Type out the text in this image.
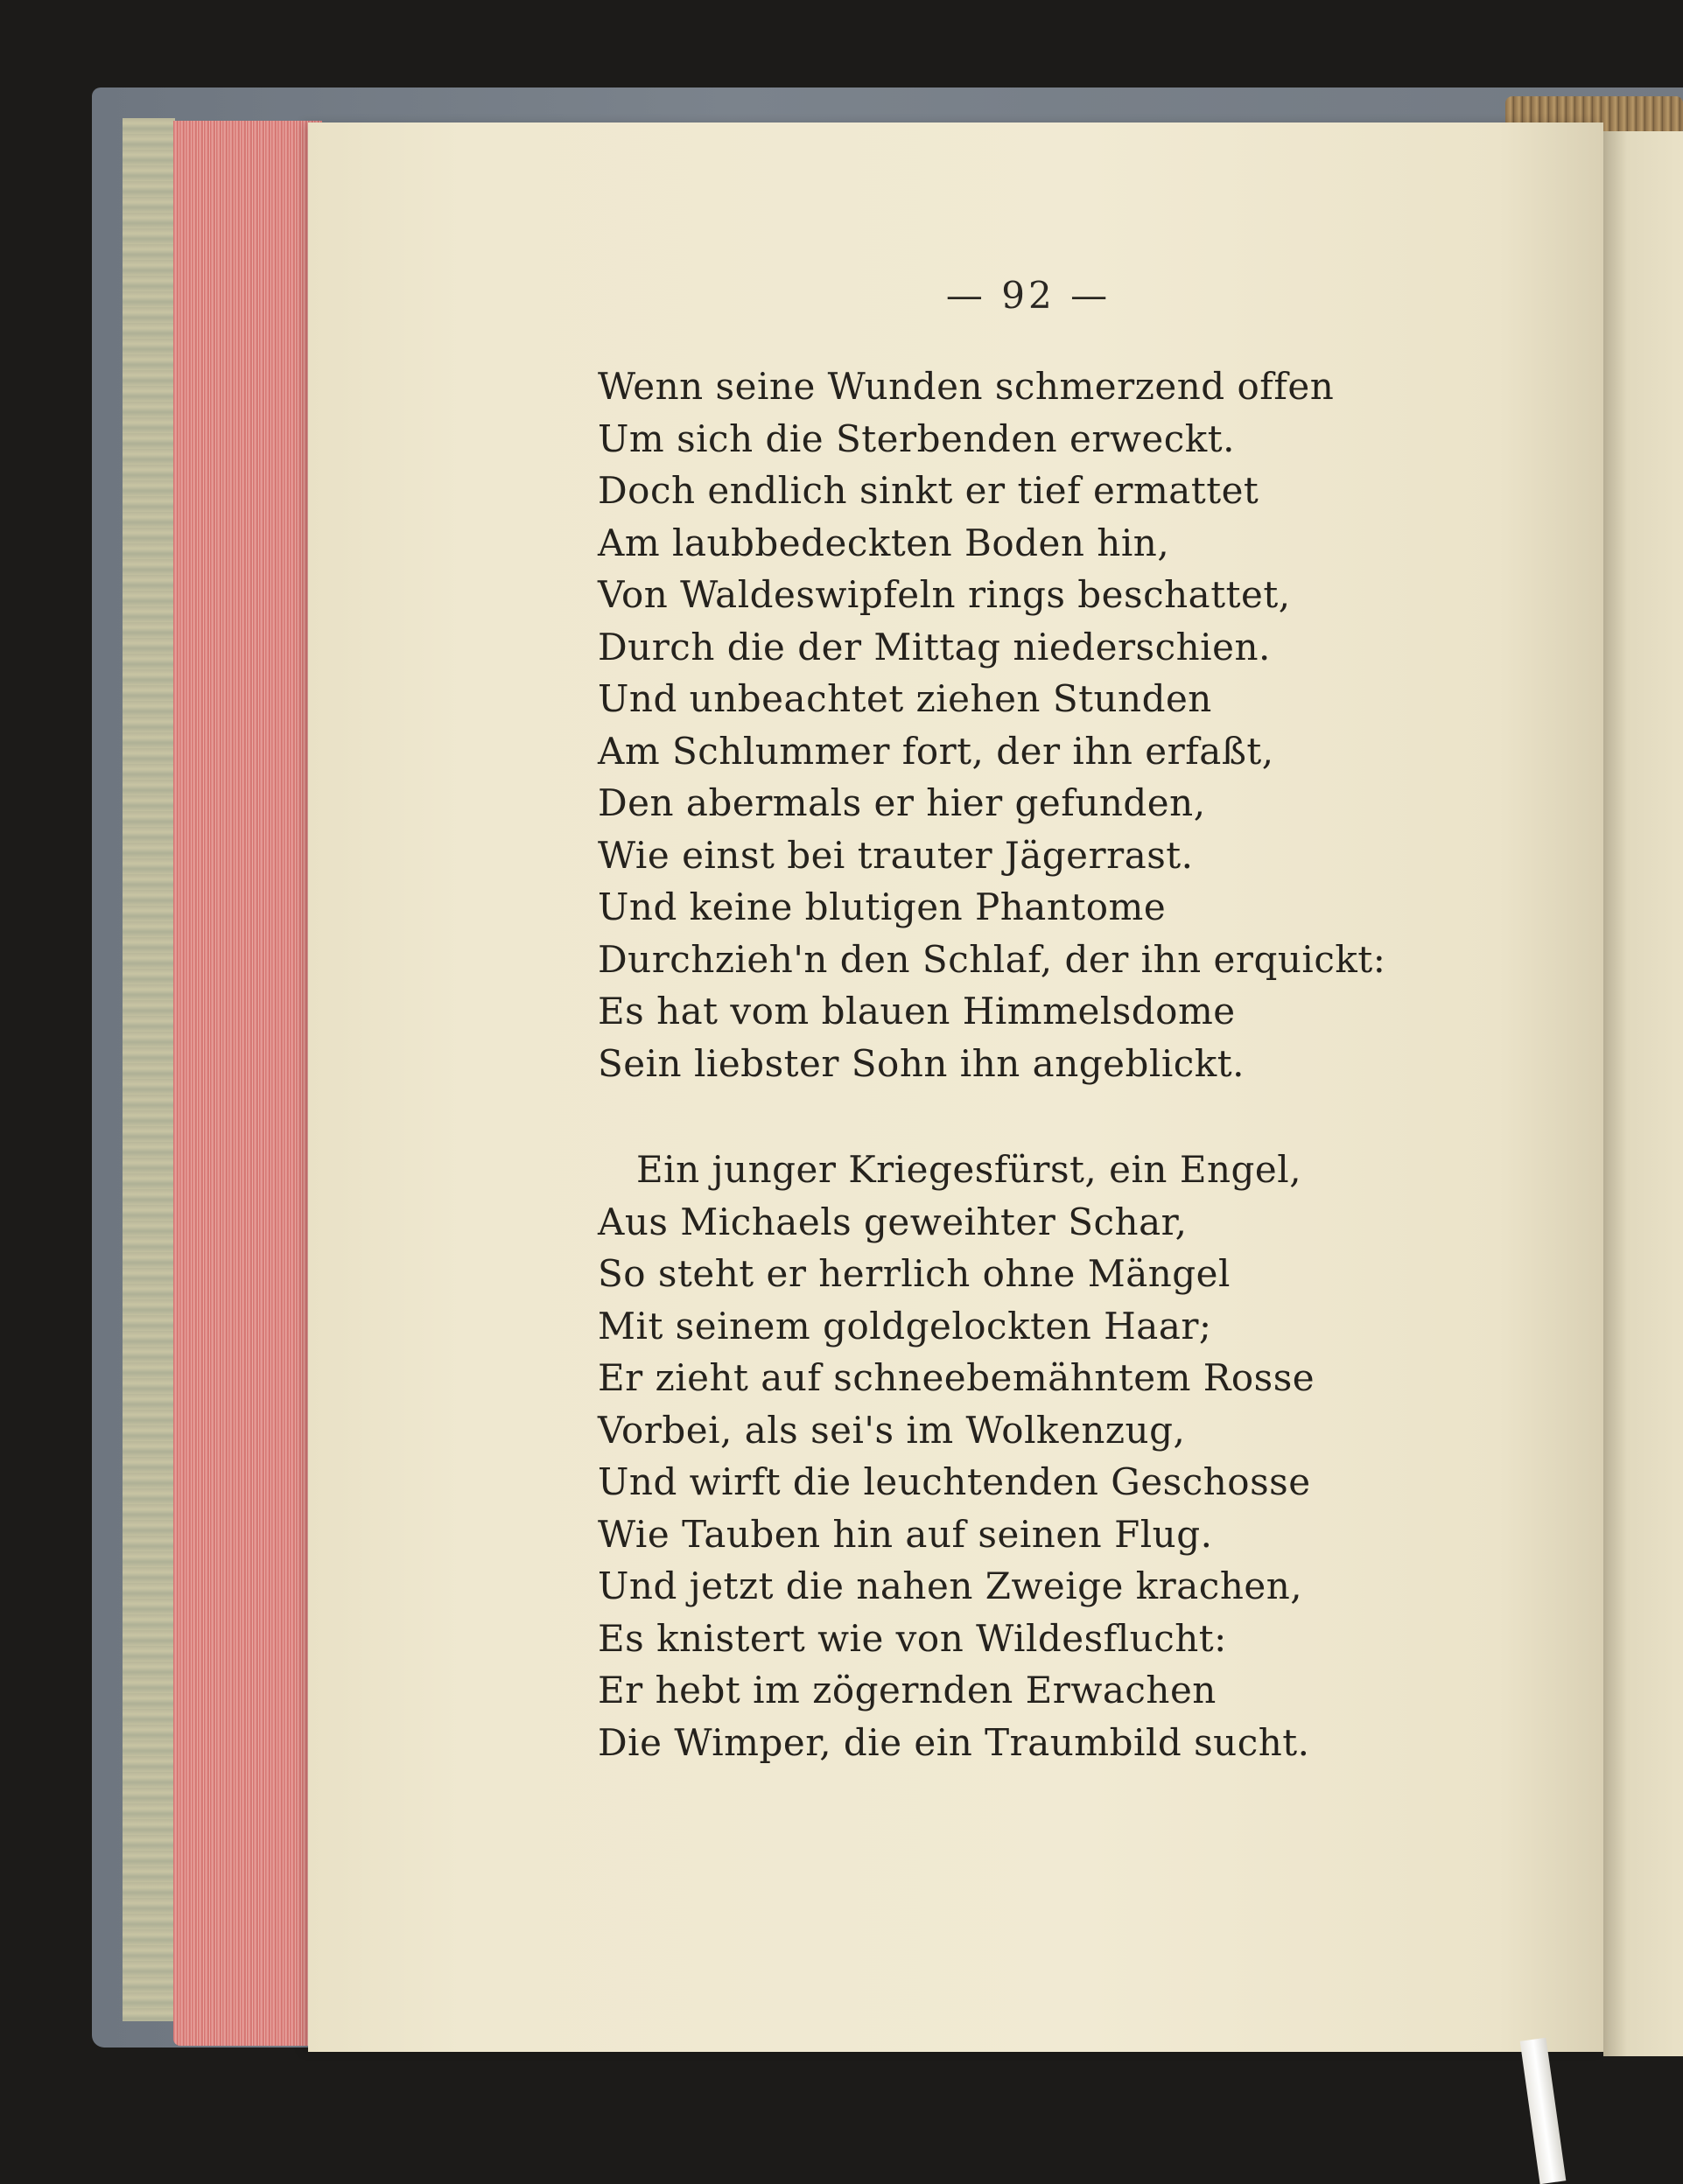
— 92 —
Wenn seine Wunden schmerzend offen
Um sich die Sterbenden erweckt.
Doch endlich sinkt er tief ermattet
Am laubbedeckten Boden hin,
Von Waldeswipfeln rings beschattet,
Durch die der Mittag niederschien.
Und unbeachtet ziehen Stunden
Am Schlummer fort, der ihn erfaßt,
Den abermals er hier gefunden,
Wie einst bei trauter Jägerrast.
Und keine blutigen Phantome
Durchzieh'n den Schlaf, der ihn erquickt:
Es hat vom blauen Himmelsdome
Sein liebster Sohn ihn angeblickt.
Ein junger Kriegesfürst, ein Engel,
Aus Michaels geweihter Schar,
So steht er herrlich ohne Mängel
Mit seinem goldgelockten Haar;
Er zieht auf schneebemähntem Rosse
Vorbei, als sei's im Wolkenzug,
Und wirft die leuchtenden Geschosse
Wie Tauben hin auf seinen Flug.
Und jetzt die nahen Zweige krachen,
Es knistert wie von Wildesflucht:
Er hebt im zögernden Erwachen
Die Wimper, die ein Traumbild sucht.
